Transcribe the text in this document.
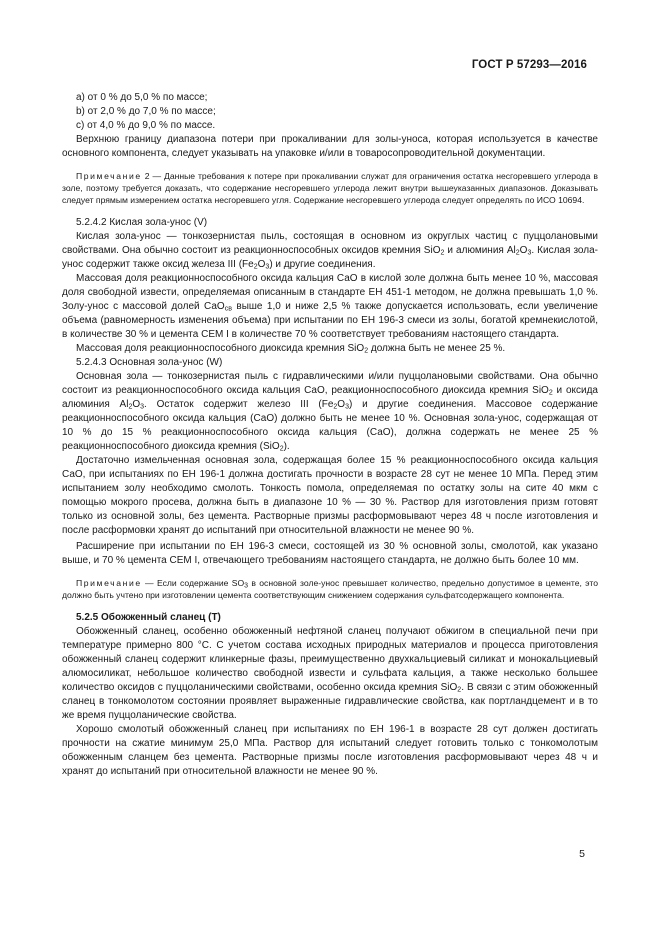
ГОСТ Р 57293—2016

a) от 0 % до 5,0 % по массе;

b) от 2,0 % до 7,0 % по массе;

c) от 4,0 % до 9,0 % по массе.

Верхнюю границу диапазона потери при прокаливании для золы-уноса, которая используется в качестве основного компонента, следует указывать на упаковке и/или в товаросопроводительной документации.

Примечание 2 — Данные требования к потере при прокаливании служат для ограничения остатка несгоревшего углерода в золе, поэтому требуется доказать, что содержание несгоревшего углерода лежит внутри вышеуказанных диапазонов. Доказывать следует прямым измерением остатка несгоревшего угля. Содержание несгоревшего углерода следует определять по ИСО 10694.

5.2.4.2 Кислая зола-унос (V)

Кислая зола-унос — тонкозернистая пыль, состоящая в основном из округлых частиц с пуццолановыми свойствами. Она обычно состоит из реакционноспособных оксидов кремния SiO$_2$ и алюминия $Al_2O_3$. Кислая зола-унос содержит также оксид железа III $(Fe_2O_3)$ и другие соединения.

Массовая доля реакционноспособного оксида кальция СаО в кислой золе должна быть менее 10 %, массовая доля свободной извести, определяемая описанным в стандарте ЕН 451-1 методом, не должна превышать 1,0 %. Золу-унос с массовой долей СаО$_{св}$ выше 1,0 и ниже 2,5 % также допускается использовать, если увеличение объема (равномерность изменения объема) при испытании по ЕН 196-3 смеси из золы, богатой кремнекислотой, в количестве 30 % и цемента CEM I в количестве 70 % соответствует требованиям настоящего стандарта.

Массовая доля реакционноспособного диоксида кремния SiO$_2$ должна быть не менее 25 %.

5.2.4.3 Основная зола-унос (W)

Основная зола — тонкозернистая пыль с гидравлическими и/или пуццолановыми свойствами. Она обычно состоит из реакционноспособного оксида кальция СаО, реакционноспособного диоксида кремния SiO$_2$ и оксида алюминия $Al_2O_3$. Остаток содержит железо III $(Fe_2O_3)$ и другие соединения. Массовое содержание реакционноспособного оксида кальция (СаО) должно быть не менее 10 %. Основная зола-унос, содержащая от 10 % до 15 % реакционноспособного оксида кальция (СаО), должна содержать не менее 25 % реакционноспособного диоксида кремния (SiO$_2$).

Достаточно измельченная основная зола, содержащая более 15 % реакционноспособного оксида кальция СаО, при испытаниях по ЕН 196-1 должна достигать прочности в возрасте 28 сут не менее 10 МПа. Перед этим испытанием золу необходимо смолоть. Тонкость помола, определяемая по остатку золы на сите 40 мкм с помощью мокрого просева, должна быть в диапазоне 10 % — 30 %. Раствор для изготовления призм готовят только из основной золы, без цемента. Растворные призмы расформовывают через 48 ч после изготовления и после расформовки хранят до испытаний при относительной влажности не менее 90 %.

Расширение при испытании по ЕН 196-3 смеси, состоящей из 30 % основной золы, смолотой, как указано выше, и 70 % цемента CEM I, отвечающего требованиям настоящего стандарта, не должно быть более 10 мм.

Примечание — Если содержание $SO_3$ в основной золе-унос превышает количество, предельно допустимое в цементе, это должно быть учтено при изготовлении цемента соответствующим снижением содержания сульфатсодержащего компонента.

5.2.5 Обожженный сланец (T)

Обожженный сланец, особенно обожженный нефтяной сланец получают обжигом в специальной печи при температуре примерно 800 °С. С учетом состава исходных природных материалов и процесса приготовления обожженный сланец содержит клинкерные фазы, преимущественно двухкальциевый силикат и монокальциевый алюмосиликат, небольшое количество свободной извести и сульфата кальция, а также несколько большее количество оксидов с пуццоланическими свойствами, особенно оксида кремния SiO$_2$. В связи с этим обожженный сланец в тонкомолотом состоянии проявляет выраженные гидравлические свойства, как портландцемент и в то же время пуццоланические свойства.

Хорошо смолотый обожженный сланец при испытаниях по ЕН 196-1 в возрасте 28 сут должен достигать прочности на сжатие минимум 25,0 МПа. Раствор для испытаний следует готовить только с тонкомолотым обожженным сланцем без цемента. Растворные призмы после изготовления расформовывают через 48 ч и хранят до испытаний при относительной влажности не менее 90 %.

5
